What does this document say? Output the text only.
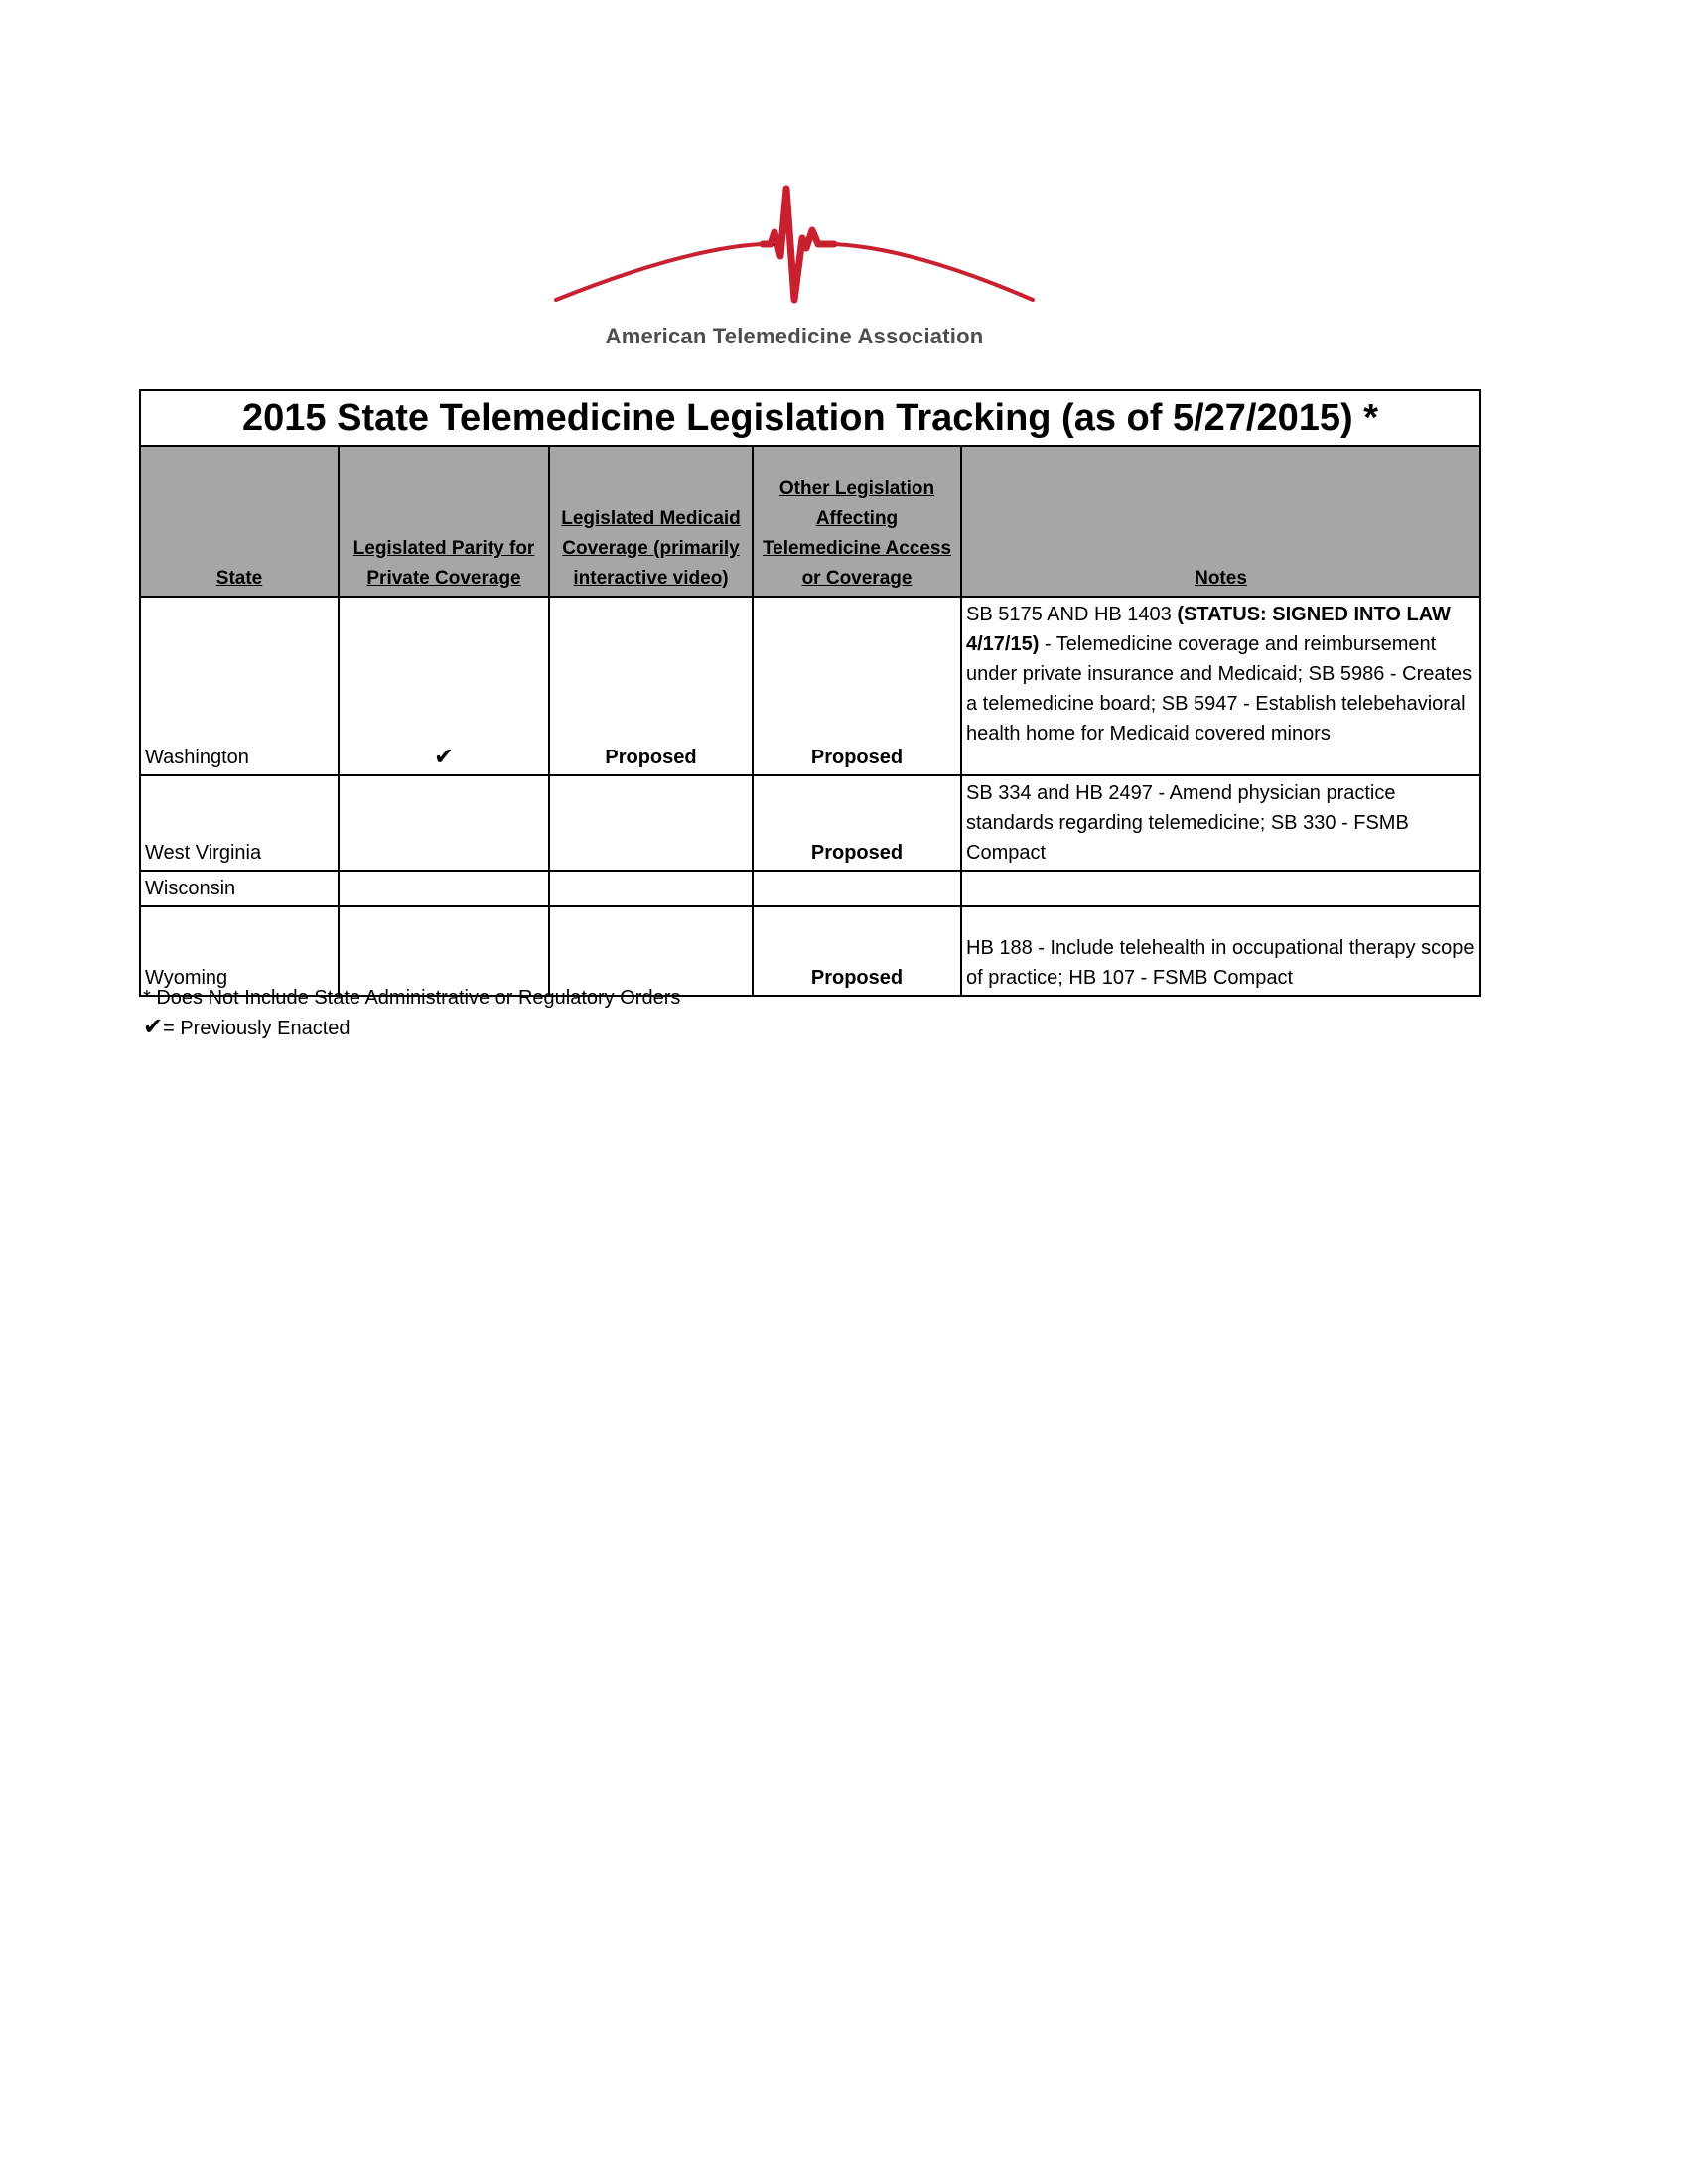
American Telemedicine Association
2015 State Telemedicine Legislation Tracking (as of 5/27/2015) *				
State	Legislated Parity for Private Coverage	Legislated Medicaid Coverage (primarily interactive video)	Other Legislation Affecting Telemedicine Access or Coverage	Notes
Washington	✔	Proposed	Proposed	SB 5175 AND HB 1403 (STATUS: SIGNED INTO LAW 4/17/15) - Telemedicine coverage and reimbursement under private insurance and Medicaid; SB 5986 - Creates a telemedicine board; SB 5947 - Establish telebehavioral health home for Medicaid covered minors
West Virginia			Proposed	SB 334 and HB 2497 - Amend physician practice standards regarding telemedicine; SB 330 - FSMB Compact
Wisconsin				
Wyoming			Proposed	HB 188 - Include telehealth in occupational therapy scope of practice; HB 107 - FSMB Compact
* Does Not Include State Administrative or Regulatory Orders
✔= Previously Enacted
